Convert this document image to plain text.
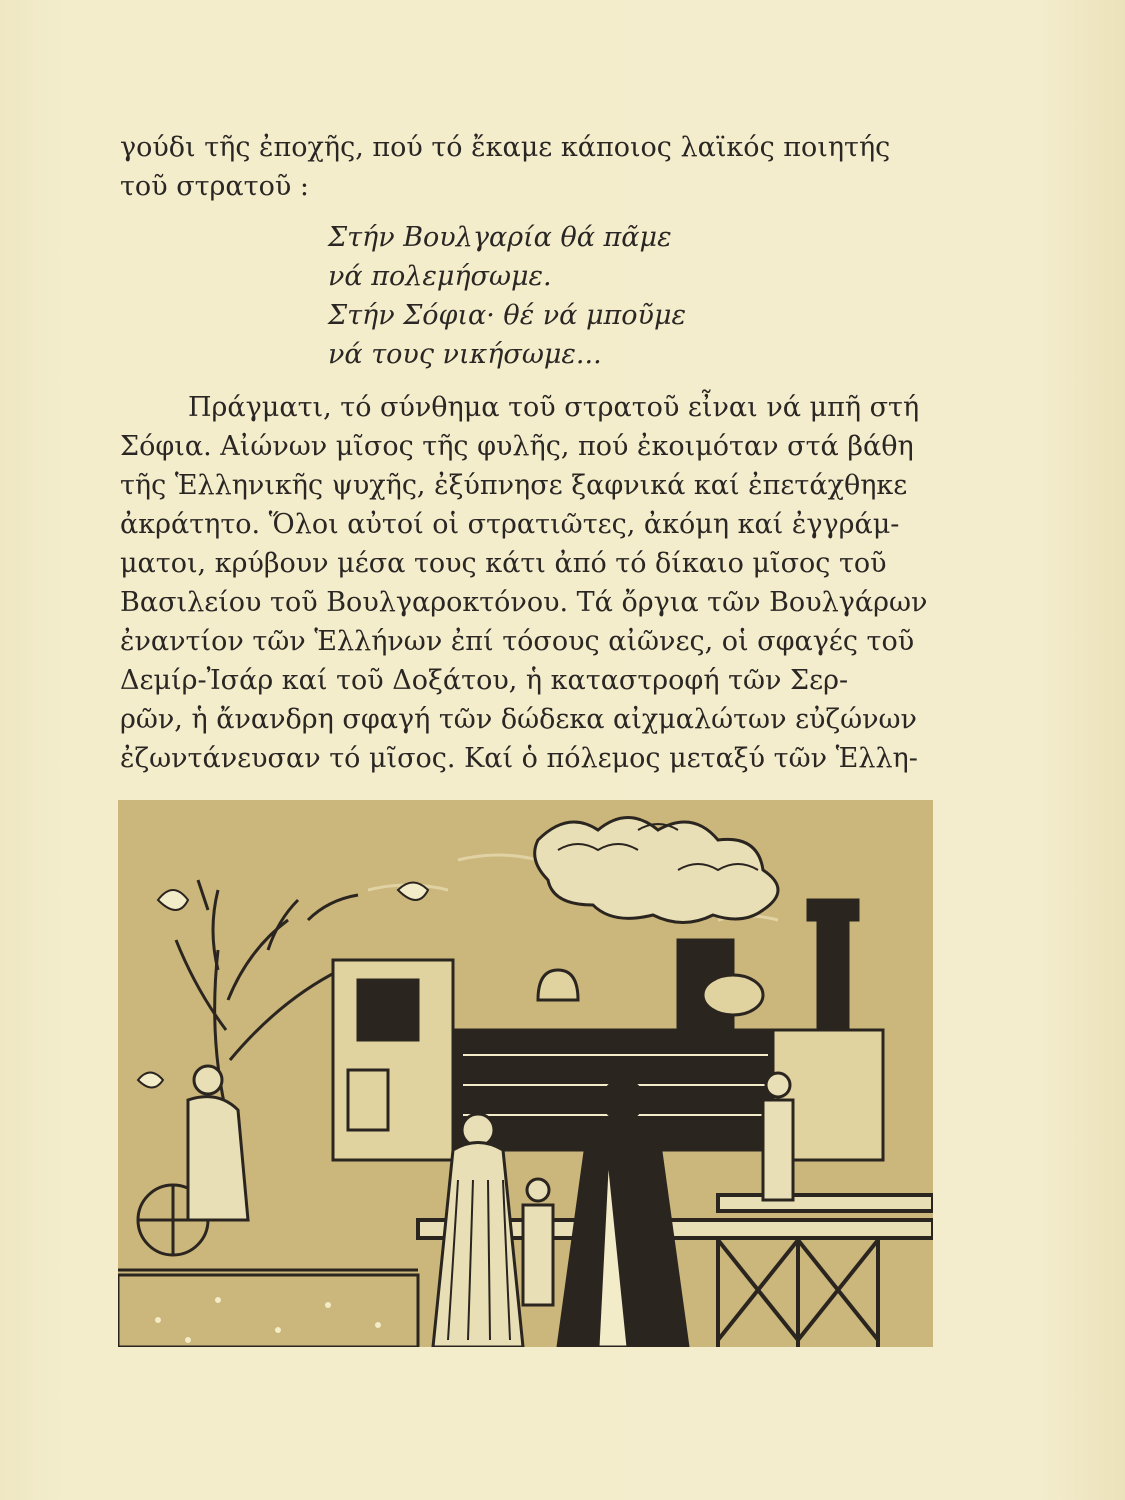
γούδι τῆς ἐποχῆς, πού τό ἔκαμε κάποιος λαϊκός ποιητής
τοῦ στρατοῦ :
Στήν Βουλγαρία θά πᾶμε
νά πολεμήσωμε.
Στήν Σόφια· θέ νά μποῦμε
νά τους νικήσωμε...
Πράγματι, τό σύνθημα τοῦ στρατοῦ εἶναι νά μπῆ στή
Σόφια. Αἰώνων μῖσος τῆς φυλῆς, πού ἐκοιμόταν στά βάθη
τῆς Ἑλληνικῆς ψυχῆς, ἐξύπνησε ξαφνικά καί ἐπετάχθηκε
ἀκράτητο. Ὅλοι αὐτοί οἱ στρατιῶτες, ἀκόμη καί ἐγγράμ-
ματοι, κρύβουν μέσα τους κάτι ἀπό τό δίκαιο μῖσος τοῦ
Βασιλείου τοῦ Βουλγαροκτόνου. Τά ὄργια τῶν Βουλγάρων
ἐναντίον τῶν Ἑλλήνων ἐπί τόσους αἰῶνες, οἱ σφαγές τοῦ
Δεμίρ-Ἰσάρ καί τοῦ Δοξάτου, ἡ καταστροφή τῶν Σερ-
ρῶν, ἡ ἄνανδρη σφαγή τῶν δώδεκα αἰχμαλώτων εὐζώνων
ἐζωντάνευσαν τό μῖσος. Καί ὁ πόλεμος μεταξύ τῶν Ἑλλη-
